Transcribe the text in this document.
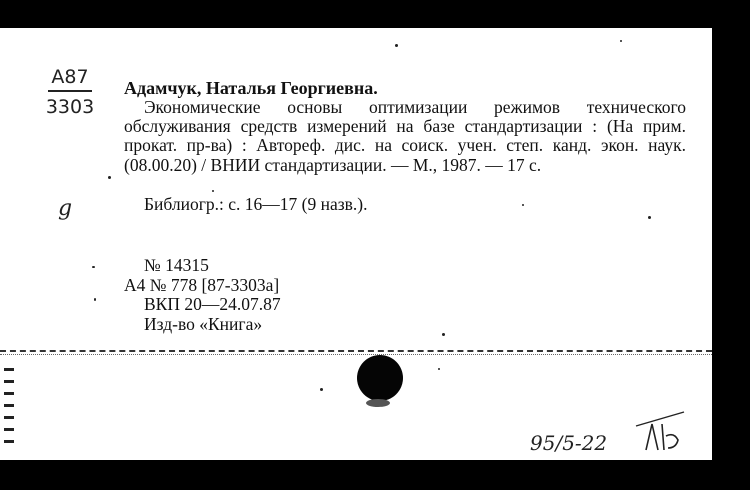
А87
3303
g
Адамчук, Наталья Георгиевна.
Экономические основы оптимизации режимов технического обслуживания средств измерений на базе стандартизации : (На прим. прокат. пр-ва) : Автореф. дис. на соиск. учен. степ. канд. экон. наук. (08.00.20) / ВНИИ стандартизации. — М., 1987. — 17 с.
Библиогр.: с. 16—17 (9 назв.).
№ 14315
А4 № 778 [87-3303а]
ВКП 20—24.07.87
Изд-во «Книга»
95/5-22
